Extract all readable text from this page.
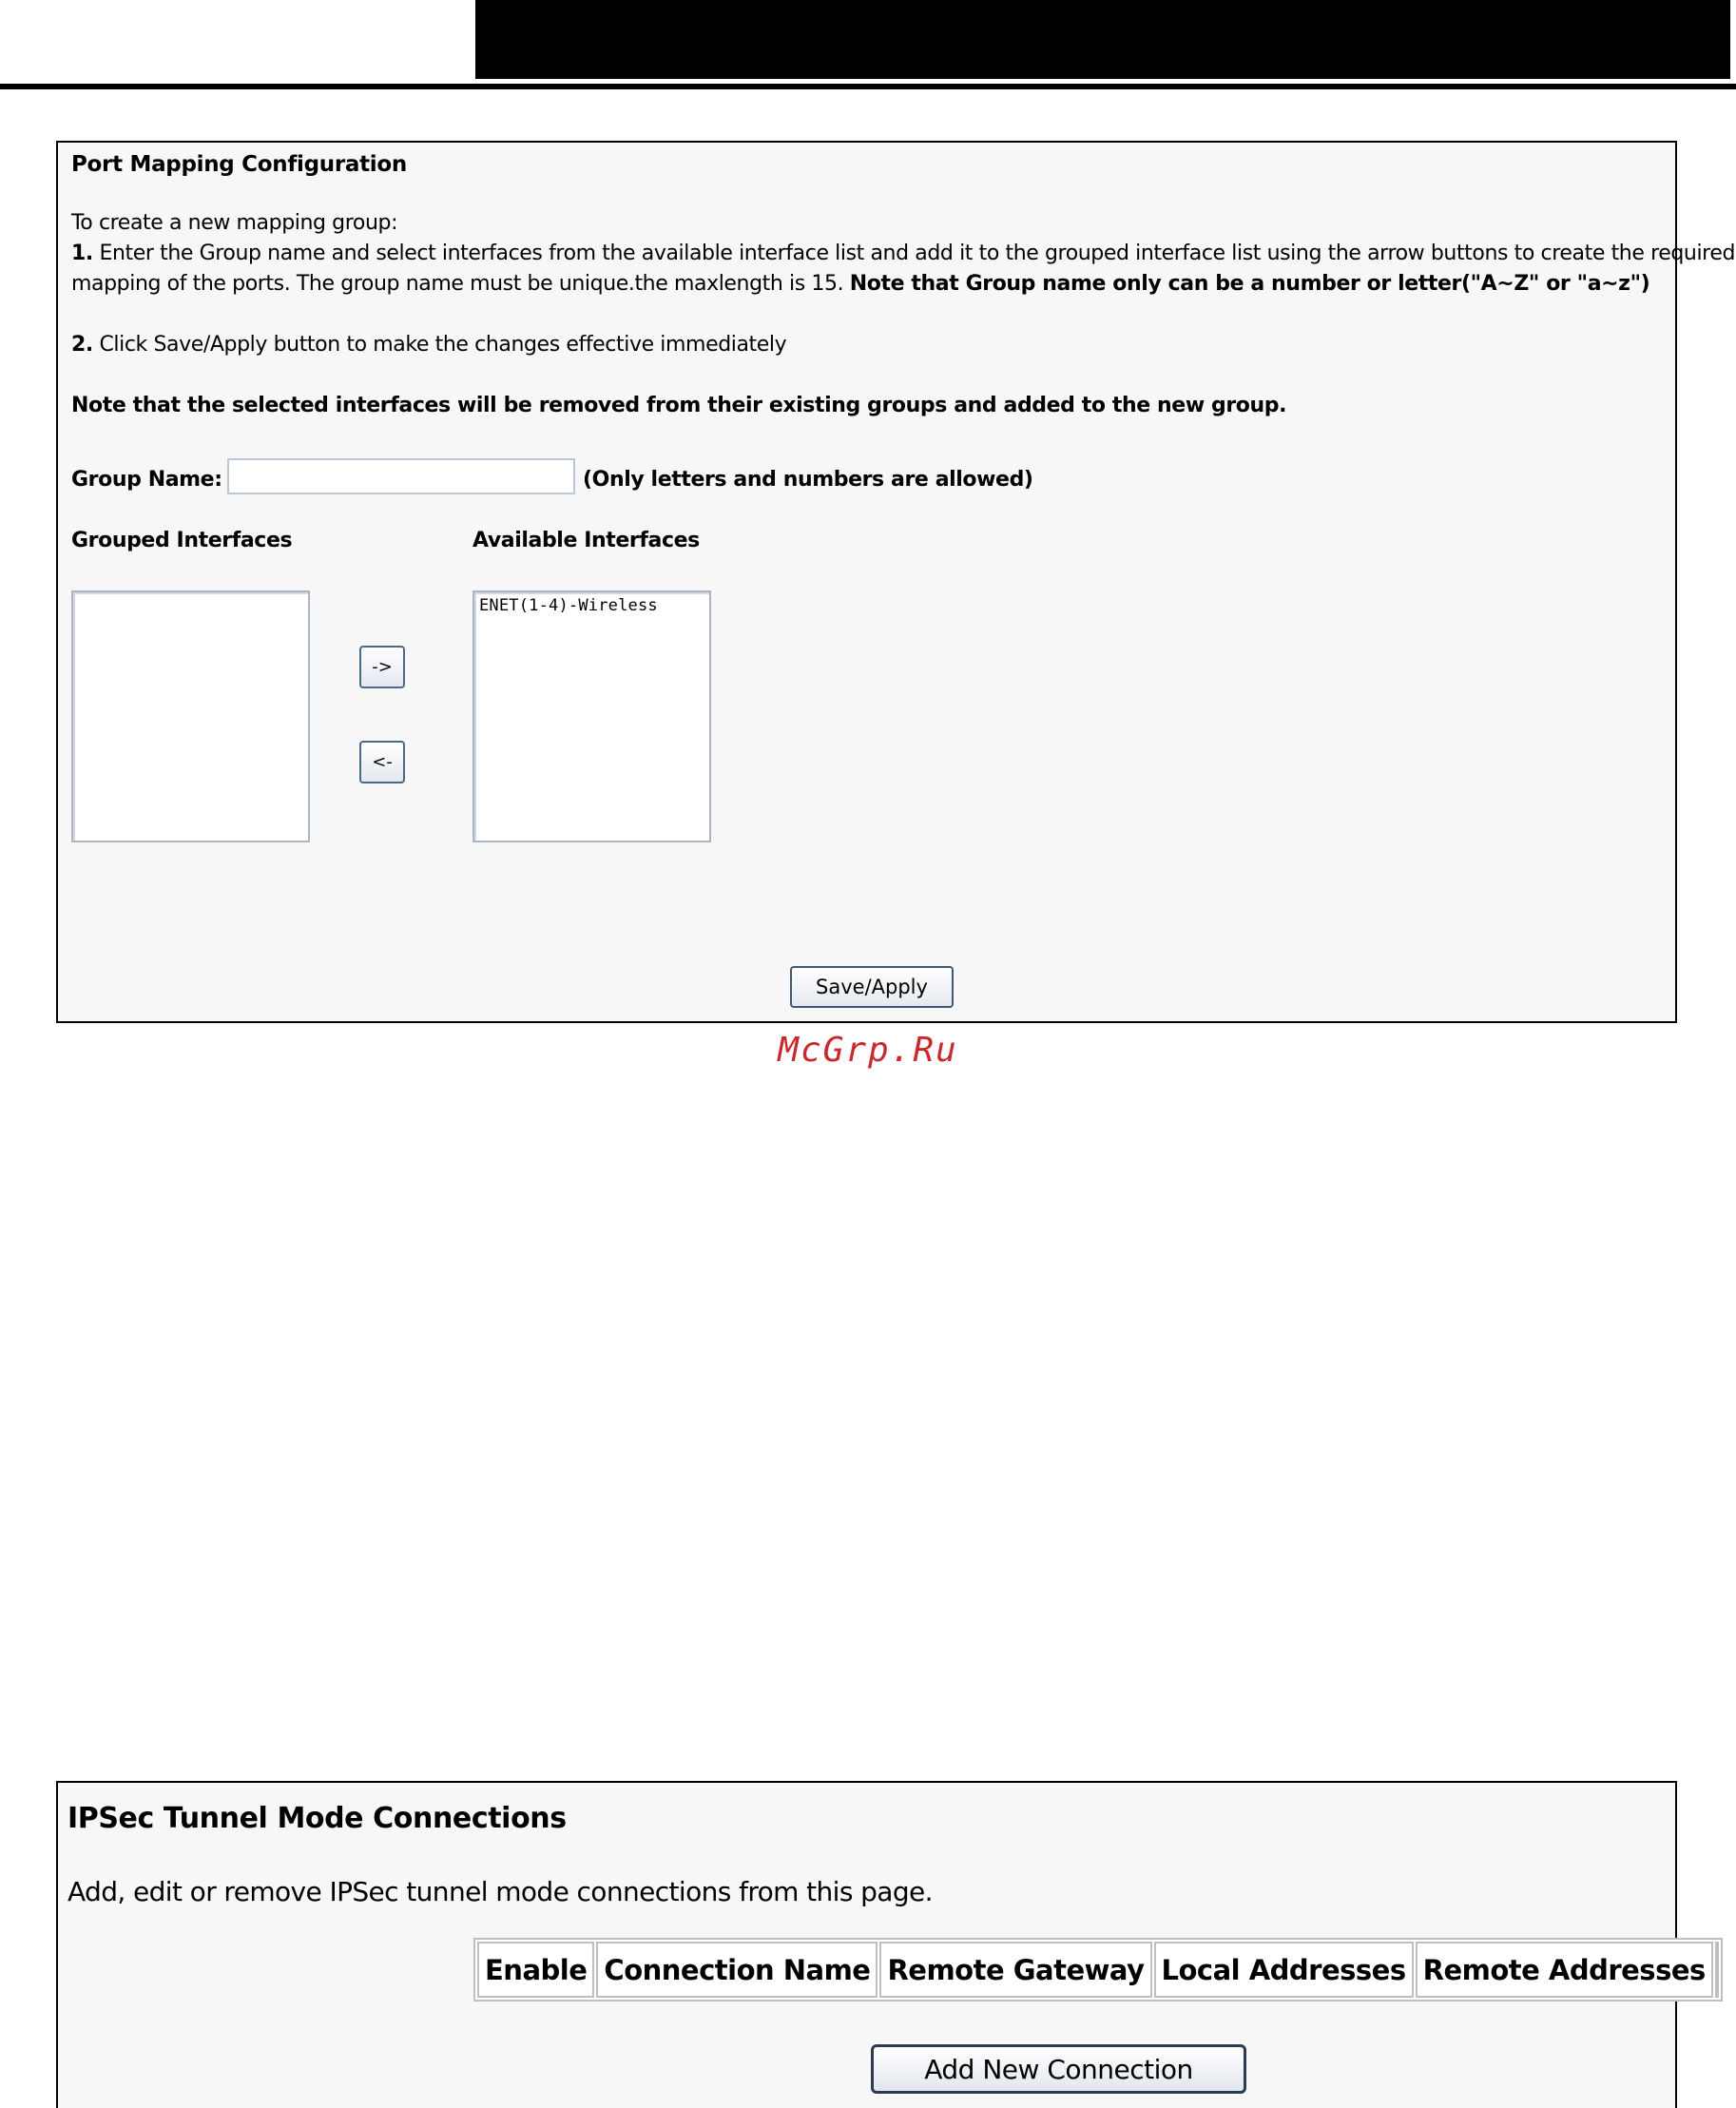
Port Mapping Configuration
To create a new mapping group:
1. Enter the Group name and select interfaces from the available interface list and add it to the grouped interface list using the arrow buttons to create the required
mapping of the ports. The group name must be unique.the maxlength is 15. Note that Group name only can be a number or letter("A~Z" or "a~z")
2. Click Save/Apply button to make the changes effective immediately
Note that the selected interfaces will be removed from their existing groups and added to the new group.
Group Name:	(Only letters and numbers are allowed)
Grouped Interfaces	Available Interfaces
->
<-
ENET(1-4)-Wireless
Save/Apply
McGrp.Ru
IPSec Tunnel Mode Connections
Add, edit or remove IPSec tunnel mode connections from this page.
Enable	Connection Name	Remote Gateway	Local Addresses	Remote Addresses	
Add New Connection
